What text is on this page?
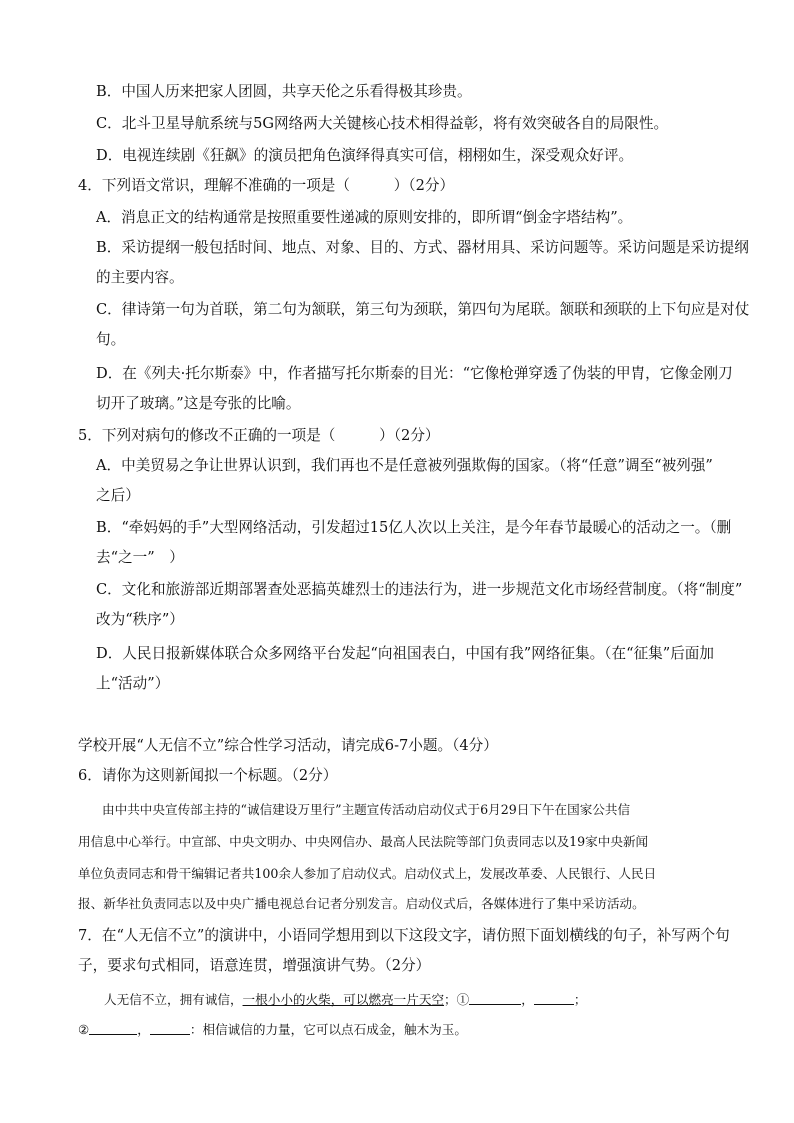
B．中国人历来把家人团圆，共享天伦之乐看得极其珍贵。
C．北斗卫星导航系统与5G网络两大关键核心技术相得益彰，将有效突破各自的局限性。
D．电视连续剧《狂飙》的演员把角色演绎得真实可信，栩栩如生，深受观众好评。
4．下列语文常识，理解不准确的一项是（　　　）（2分）
A．消息正文的结构通常是按照重要性递减的原则安排的，即所谓“倒金字塔结构”。
B．采访提纲一般包括时间、地点、对象、目的、方式、器材用具、采访问题等。采访问题是采访提纲
的主要内容。
C．律诗第一句为首联，第二句为颔联，第三句为颈联，第四句为尾联。颔联和颈联的上下句应是对仗
句。
D．在《列夫·托尔斯泰》中，作者描写托尔斯泰的目光：“它像枪弹穿透了伪装的甲胄，它像金刚刀
切开了玻璃。”这是夸张的比喻。
5．下列对病句的修改不正确的一项是（　　　）（2分）
A．中美贸易之争让世界认识到，我们再也不是任意被列强欺侮的国家。（将“任意”调至“被列强”
之后）
B．“牵妈妈的手”大型网络活动，引发超过15亿人次以上关注，是今年春节最暖心的活动之一。（删
去“之一”　）
C．文化和旅游部近期部署查处恶搞英雄烈士的违法行为，进一步规范文化市场经营制度。（将“制度”
改为“秩序”）
D．人民日报新媒体联合众多网络平台发起“向祖国表白，中国有我”网络征集。（在“征集”后面加
上“活动”）
学校开展“人无信不立”综合性学习活动，请完成6-7小题。（4分）
6．请你为这则新闻拟一个标题。（2分）
由中共中央宣传部主持的“诚信建设万里行”主题宣传活动启动仪式于6月29日下午在国家公共信
用信息中心举行。中宣部、中央文明办、中央网信办、最高人民法院等部门负责同志以及19家中央新闻
单位负责同志和骨干编辑记者共100余人参加了启动仪式。启动仪式上，发展改革委、人民银行、人民日
报、新华社负责同志以及中央广播电视总台记者分别发言。启动仪式后，各媒体进行了集中采访活动。
7．在“人无信不立”的演讲中，小语同学想用到以下这段文字，请仿照下面划横线的句子，补写两个句
子，要求句式相同，语意连贯，增强演讲气势。（2分）
人无信不立，拥有诚信，一根小小的火柴，可以燃亮一片天空；①	，	；
②	，	：相信诚信的力量，它可以点石成金，触木为玉。
